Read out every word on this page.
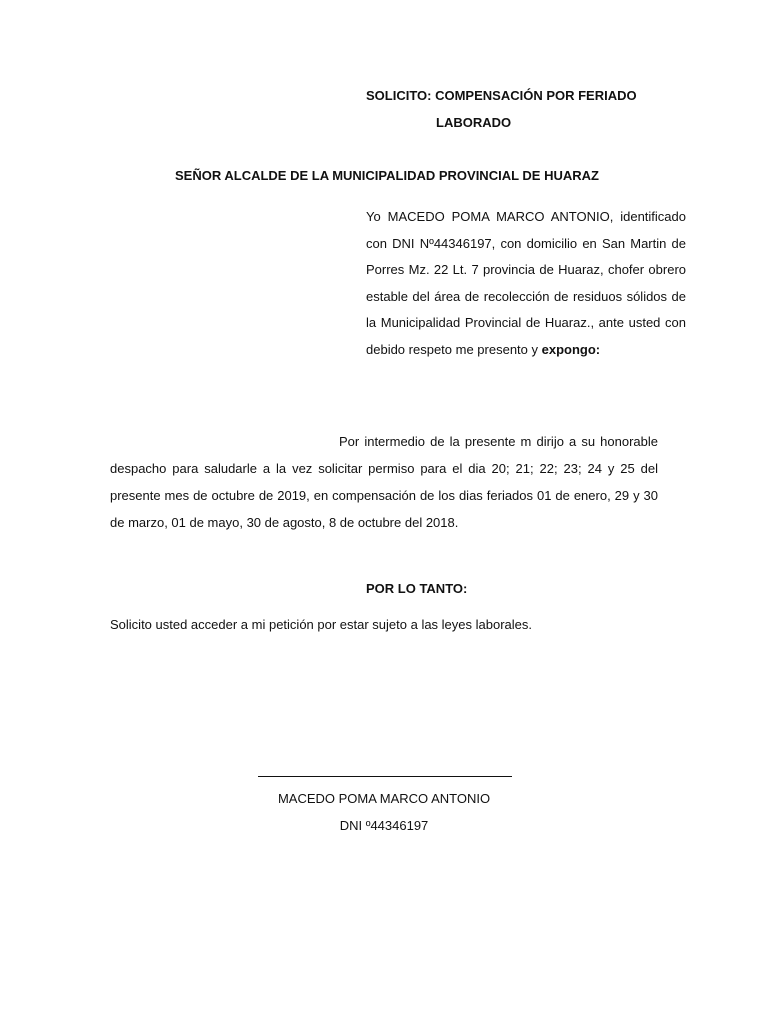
SOLICITO: COMPENSACIÓN POR FERIADO

LABORADO

SEÑOR ALCALDE DE LA MUNICIPALIDAD PROVINCIAL DE HUARAZ

Yo MACEDO POMA MARCO ANTONIO, identificado con DNI Nº44346197, con domicilio en San Martin de Porres Mz. 22 Lt. 7 provincia de Huaraz, chofer obrero estable del área de recolección de residuos sólidos de la Municipalidad Provincial de Huaraz., ante usted con debido respeto me presento y expongo:

Por intermedio de la presente m dirijo a su honorable despacho para saludarle a la vez solicitar permiso para el dia 20; 21; 22; 23; 24 y 25 del presente mes de octubre de 2019, en compensación de los dias feriados 01 de enero, 29 y 30 de marzo, 01 de mayo, 30 de agosto, 8 de octubre del 2018.

POR LO TANTO:

Solicito usted acceder a mi petición por estar sujeto a las leyes laborales.

MACEDO POMA MARCO ANTONIO

DNI º44346197
